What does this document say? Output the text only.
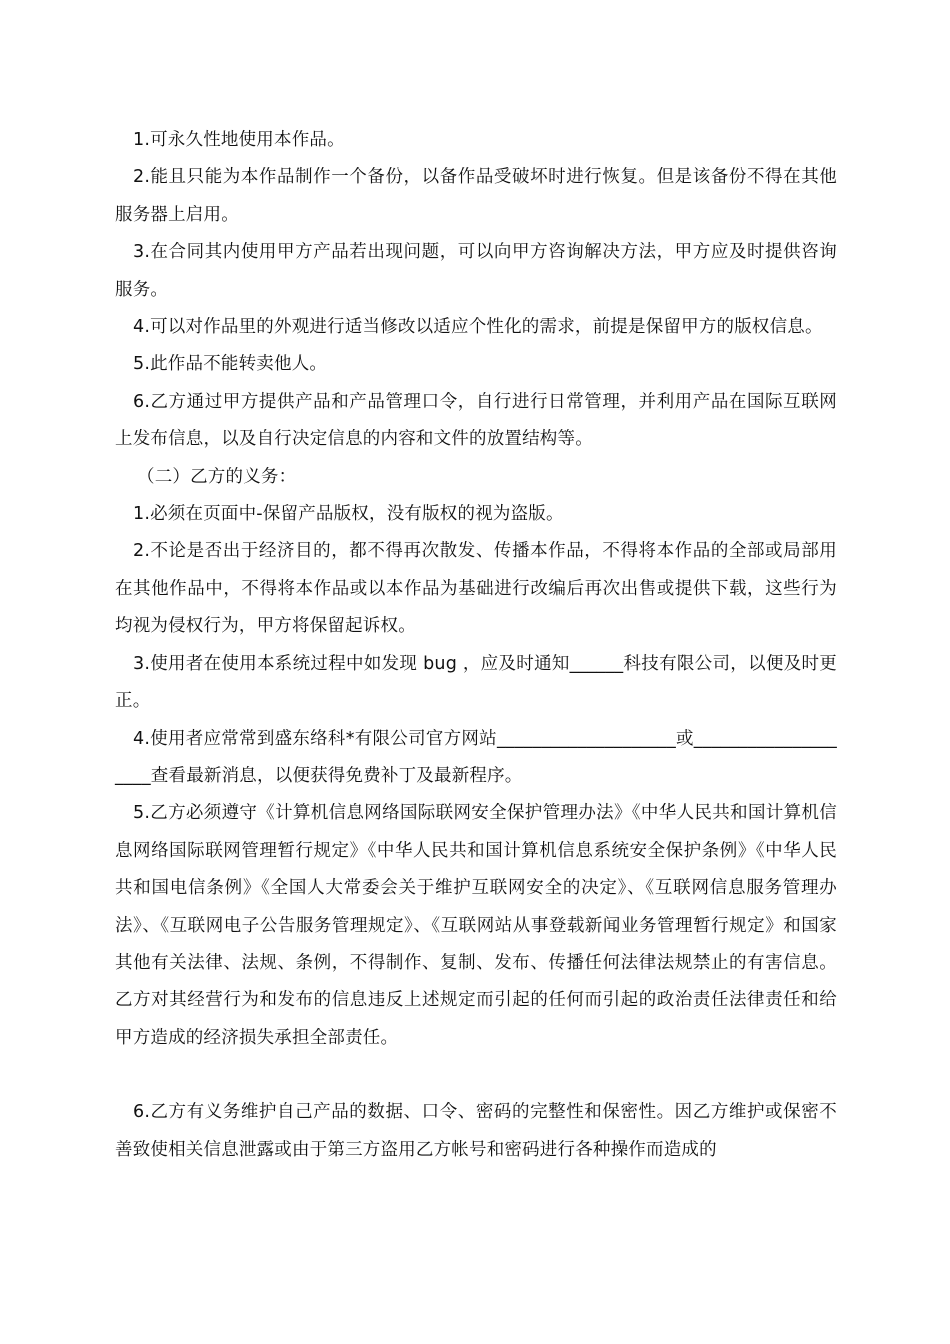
1.可永久性地使用本作品。

2.能且只能为本作品制作一个备份，以备作品受破坏时进行恢复。但是该备份不得在其他服务器上启用。

3.在合同其内使用甲方产品若出现问题，可以向甲方咨询解决方法，甲方应及时提供咨询服务。

4.可以对作品里的外观进行适当修改以适应个性化的需求，前提是保留甲方的版权信息。

5.此作品不能转卖他人。

6.乙方通过甲方提供产品和产品管理口令，自行进行日常管理，并利用产品在国际互联网上发布信息，以及自行决定信息的内容和文件的放置结构等。

（二）乙方的义务：

1.必须在页面中-保留产品版权，没有版权的视为盗版。

2.不论是否出于经济目的，都不得再次散发、传播本作品，不得将本作品的全部或局部用在其他作品中，不得将本作品或以本作品为基础进行改编后再次出售或提供下载，这些行为均视为侵权行为，甲方将保留起诉权。

3.使用者在使用本系统过程中如发现 bug ，应及时通知______科技有限公司，以便及时更正。

4.使用者应常常到盛东络科*有限公司官方网站____________________或____________________查看最新消息，以便获得免费补丁及最新程序。

5.乙方必须遵守《计算机信息网络国际联网安全保护管理办法》《中华人民共和国计算机信息网络国际联网管理暂行规定》《中华人民共和国计算机信息系统安全保护条例》《中华人民共和国电信条例》《全国人大常委会关于维护互联网安全的决定》、《互联网信息服务管理办法》、《互联网电子公告服务管理规定》、《互联网站从事登载新闻业务管理暂行规定》和国家其他有关法律、法规、条例，不得制作、复制、发布、传播任何法律法规禁止的有害信息。乙方对其经营行为和发布的信息违反上述规定而引起的任何而引起的政治责任法律责任和给甲方造成的经济损失承担全部责任。

6.乙方有义务维护自己产品的数据、口令、密码的完整性和保密性。因乙方维护或保密不善致使相关信息泄露或由于第三方盗用乙方帐号和密码进行各种操作而造成的
